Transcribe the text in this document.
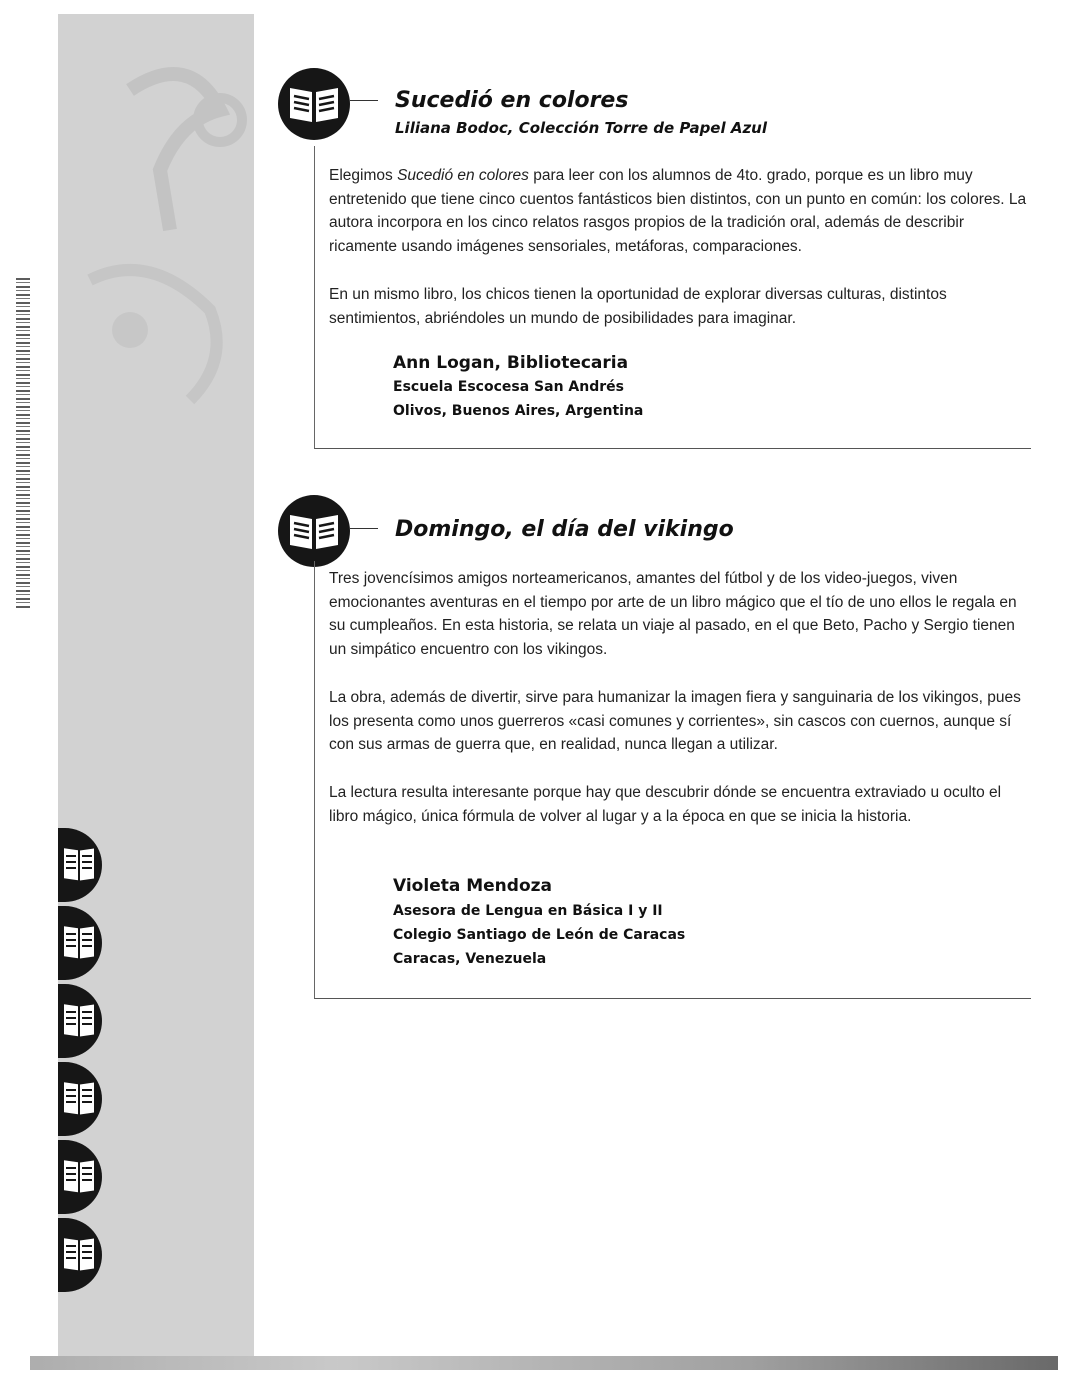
Sucedió en colores

Liliana Bodoc, Colección Torre de Papel Azul

Elegimos Sucedió en colores para leer con los alumnos de 4to. grado, porque es un libro muy entretenido que tiene cinco cuentos fantásticos bien distintos, con un punto en común: los colores. La autora incorpora en los cinco relatos rasgos propios de la tradición oral, además de describir ricamente usando imágenes sensoriales, metáforas, comparaciones.

En un mismo libro, los chicos tienen la oportunidad de explorar diversas culturas, distintos sentimientos, abriéndoles un mundo de posibilidades para imaginar.

Ann Logan, Bibliotecaria

Escuela Escocesa San Andrés

Olivos, Buenos Aires, Argentina

Domingo, el día del vikingo

Tres jovencísimos amigos norteamericanos, amantes del fútbol y de los video-juegos, viven emocionantes aventuras en el tiempo por arte de un libro mágico que el tío de uno ellos le regala en su cumpleaños. En esta historia, se relata un viaje al pasado, en el que Beto, Pacho y Sergio tienen un simpático encuentro con los vikingos.

La obra, además de divertir, sirve para humanizar la imagen fiera y sanguinaria de los vikingos, pues los presenta como unos guerreros «casi comunes y corrientes», sin cascos con cuernos, aunque sí con sus armas de guerra que, en realidad, nunca llegan a utilizar.

La lectura resulta interesante porque hay que descubrir dónde se encuentra extraviado u oculto el libro mágico, única fórmula de volver al lugar y a la época en que se inicia la historia.

Violeta Mendoza

Asesora de Lengua en Básica I y II

Colegio Santiago de León de Caracas

Caracas, Venezuela
